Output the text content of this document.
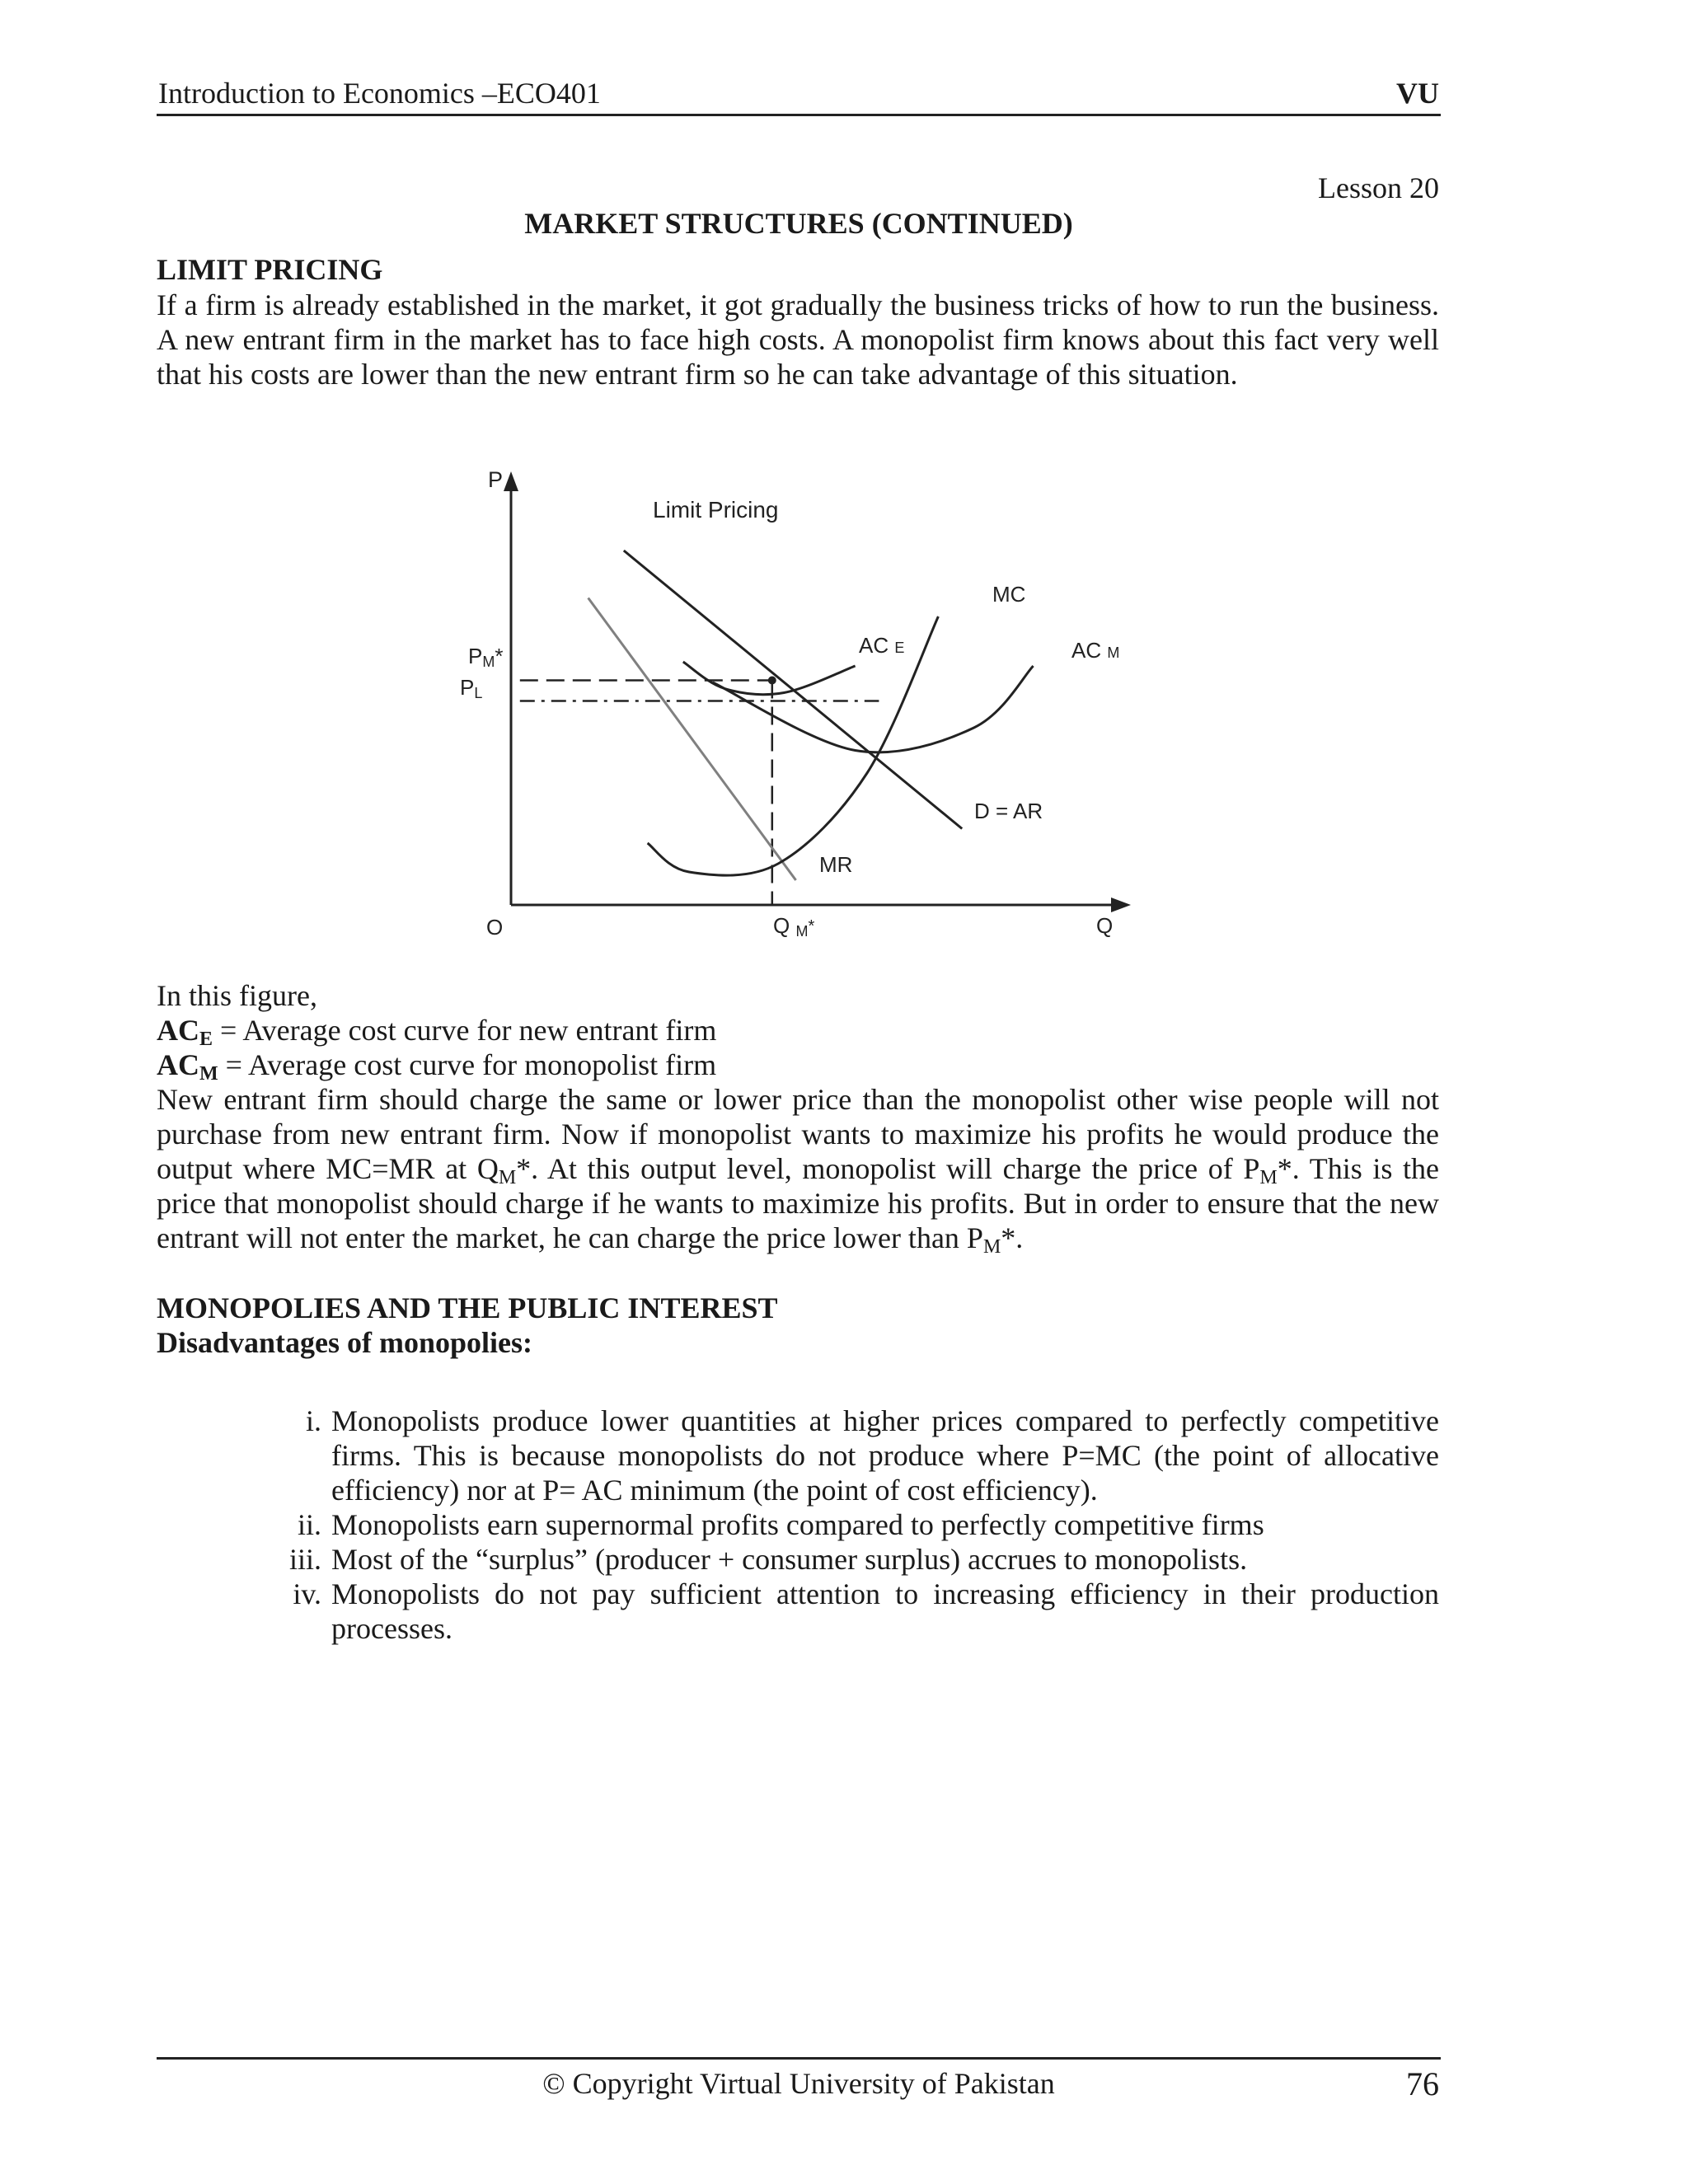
Introduction to Economics –ECO401	VU
Lesson 20
MARKET STRUCTURES (CONTINUED)
LIMIT PRICING

If a firm is already established in the market, it got gradually the business tricks of how to run the business. A new entrant firm in the market has to face high costs. A monopolist firm knows about this fact very well that his costs are lower than the new entrant firm so he can take advantage of this situation.

P
Limit Pricing
MC
AC E	AC M
PM*
PL
D = AR
MR
O	Q M*	Q

In this figure,

$AC_E$ = Average cost curve for new entrant firm

$AC_M$ = Average cost curve for monopolist firm

New entrant firm should charge the same or lower price than the monopolist other wise people will not purchase from new entrant firm. Now if monopolist wants to maximize his profits he would produce the output where MC=MR at $Q_M*$. At this output level, monopolist will charge the price of $P_M*$. This is the price that monopolist should charge if he wants to maximize his profits. But in order to ensure that the new entrant will not enter the market, he can charge the price lower than $P_M*$.

MONOPOLIES AND THE PUBLIC INTEREST
Disadvantages of monopolies:
i. Monopolists produce lower quantities at higher prices compared to perfectly competitive firms. This is because monopolists do not produce where P=MC (the point of allocative efficiency) nor at P= AC minimum (the point of cost efficiency).
ii. Monopolists earn supernormal profits compared to perfectly competitive firms
iii. Most of the “surplus” (producer + consumer surplus) accrues to monopolists.
iv. Monopolists do not pay sufficient attention to increasing efficiency in their production processes.
© Copyright Virtual University of Pakistan	76
